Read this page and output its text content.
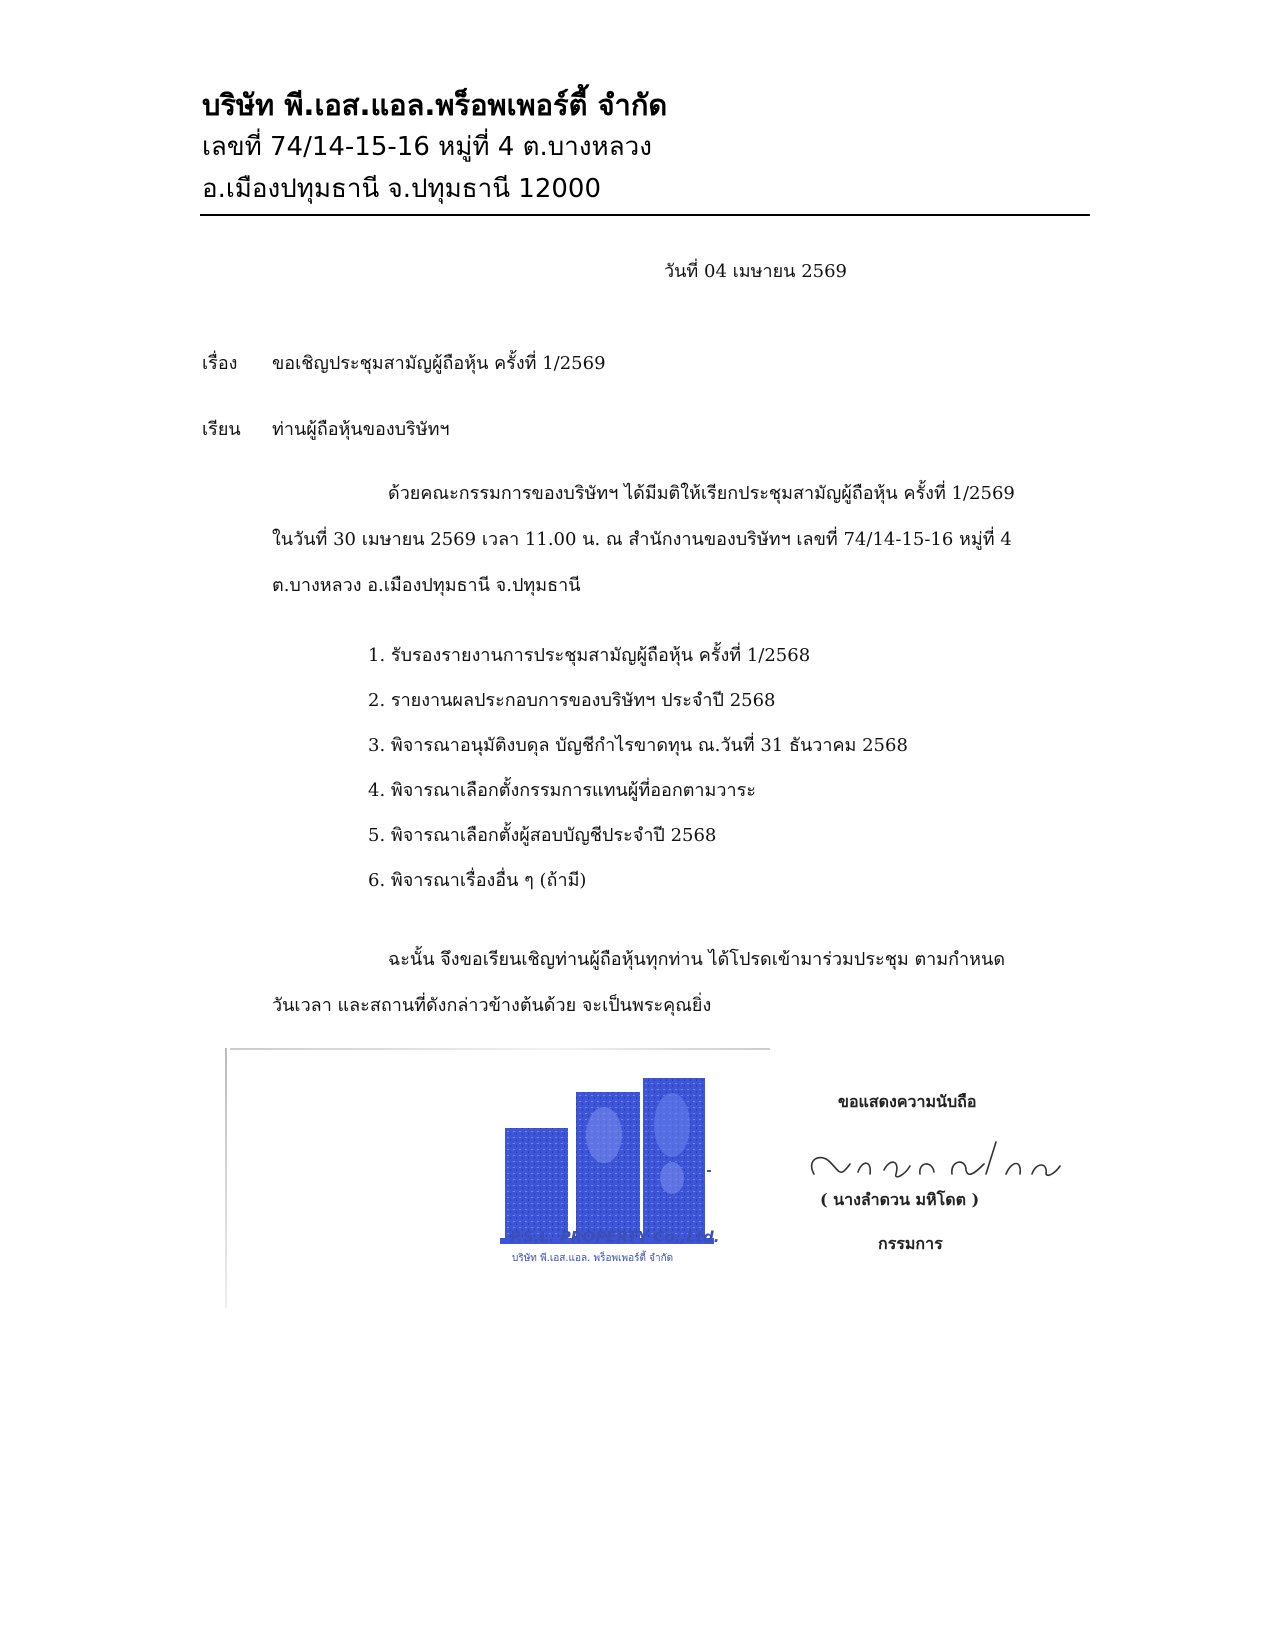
บริษัท พี.เอส.แอล.พร็อพเพอร์ตี้ จำกัด
เลขที่ 74/14-15-16 หมู่ที่ 4 ต.บางหลวง
อ.เมืองปทุมธานี จ.ปทุมธานี 12000
วันที่ 04 เมษายน 2569
เรื่อง ขอเชิญประชุมสามัญผู้ถือหุ้น ครั้งที่ 1/2569
เรียน ท่านผู้ถือหุ้นของบริษัทฯ
ด้วยคณะกรรมการของบริษัทฯ ได้มีมติให้เรียกประชุมสามัญผู้ถือหุ้น ครั้งที่ 1/2569
ในวันที่ 30 เมษายน 2569 เวลา 11.00 น. ณ สำนักงานของบริษัทฯ เลขที่ 74/14-15-16 หมู่ที่ 4
ต.บางหลวง อ.เมืองปทุมธานี จ.ปทุมธานี
1. รับรองรายงานการประชุมสามัญผู้ถือหุ้น ครั้งที่ 1/2568
2. รายงานผลประกอบการของบริษัทฯ ประจำปี 2568
3. พิจารณาอนุมัติงบดุล บัญชีกำไรขาดทุน ณ.วันที่ 31 ธันวาคม 2568
4. พิจารณาเลือกตั้งกรรมการแทนผู้ที่ออกตามวาระ
5. พิจารณาเลือกตั้งผู้สอบบัญชีประจำปี 2568
6. พิจารณาเรื่องอื่น ๆ (ถ้ามี)
ฉะนั้น จึงขอเรียนเชิญท่านผู้ถือหุ้นทุกท่าน ได้โปรดเข้ามาร่วมประชุม ตามกำหนด
วันเวลา และสถานที่ดังกล่าวข้างต้นด้วย จะเป็นพระคุณยิ่ง
P.S.L. PROPERTY Co.,Ltd.
บริษัท พี.เอส.แอล. พร็อพเพอร์ตี้ จำกัด
ขอแสดงความนับถือ
( นางลำดวน มหิโดต )
กรรมการ
